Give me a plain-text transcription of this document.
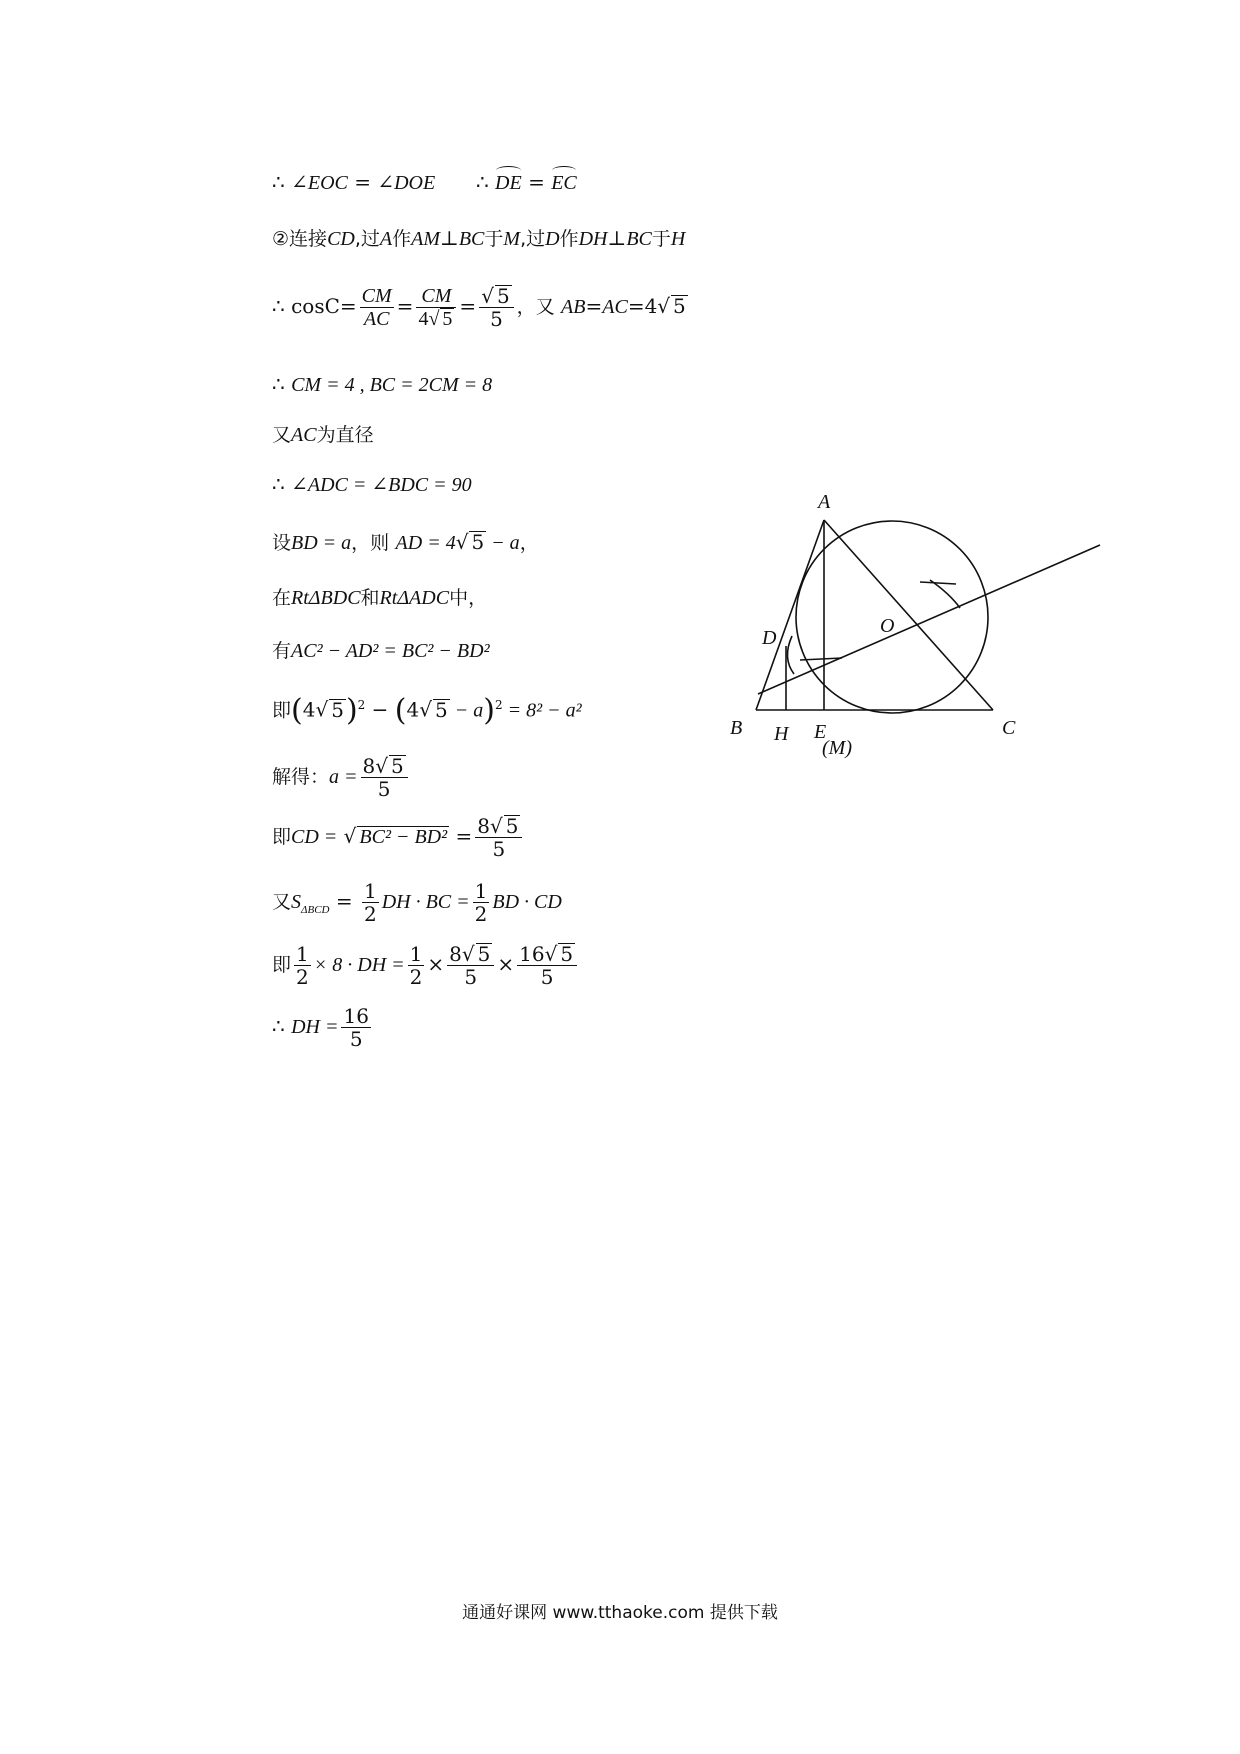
∴ ∠EOC = ∠DOE ∴ DE = EC
②连接CD,过A作AM⊥BC于M,过D作DH⊥BC于H
∴ $\cos C= \frac{CM}{AC} = \frac{CM}{4√ 5} = \frac{√ 5}{5}$ ，又 AB=AC=4√ 5
∴ CM = 4 , BC = 2CM = 8
又AC为直径
∴ ∠ADC = ∠BDC = 90
设BD = a，则 AD = 4√ 5 − a，
在RtΔBDC和RtΔADC中，
有AC² − AD² = BC² − BD²
即(4√ 5)$^2$ − (4√ 5 − a)$^2$ = 8² − a²
解得：$a = \frac{8√ 5}{5}$
即CD = √ $BC^2 - BD^2 = \frac{8√ 5}{5}$
又$S_{\Delta BCD} = \frac{1}{2}$ DH · BC = $\frac{1}{2}$ BD · CD
即 $\frac{1}{2} \times 8$ · DH = $\frac{1}{2} \times \frac{8√ 5}{5} \times \frac{16√ 5}{5}$
∴ DH = $\frac{16}{5}$
A
B	C
D
E
H
O
(M)
通通好课网 www.tthaoke.com 提供下载
